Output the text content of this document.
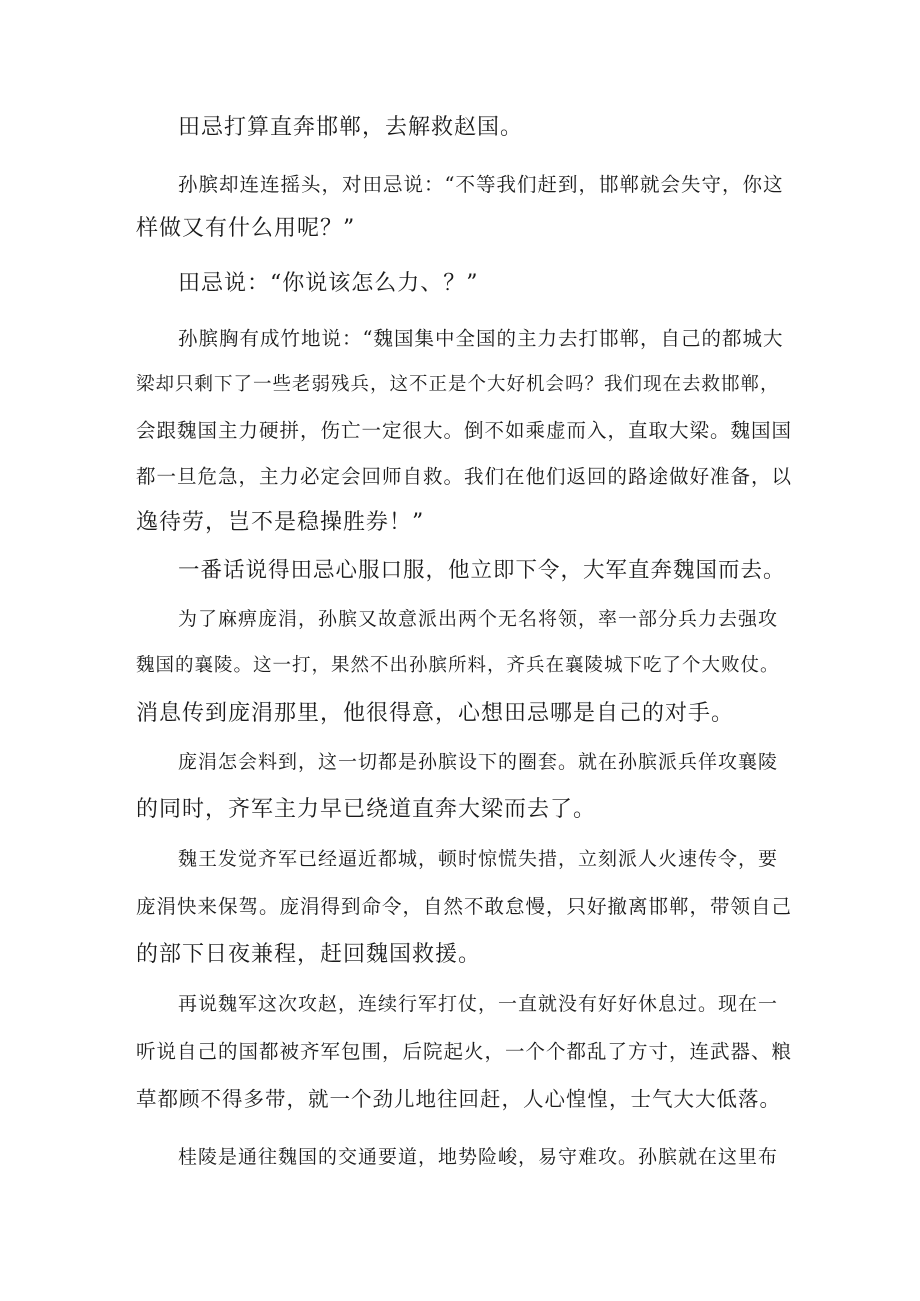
田忌打算直奔邯郸，去解救赵国。
孙膑却连连摇头，对田忌说：“不等我们赶到，邯郸就会失守，你这
样做又有什么用呢？”
田忌说：“你说该怎么力、？”
孙膑胸有成竹地说：“魏国集中全国的主力去打邯郸，自己的都城大
梁却只剩下了一些老弱残兵，这不正是个大好机会吗？我们现在去救邯郸，
会跟魏国主力硬拼，伤亡一定很大。倒不如乘虚而入，直取大梁。魏国国
都一旦危急，主力必定会回师自救。我们在他们返回的路途做好准备，以
逸待劳，岂不是稳操胜券！”
一番话说得田忌心服口服，他立即下令，大军直奔魏国而去。
为了麻痹庞涓，孙膑又故意派出两个无名将领，率一部分兵力去强攻
魏国的襄陵。这一打，果然不出孙膑所料，齐兵在襄陵城下吃了个大败仗。
消息传到庞涓那里，他很得意，心想田忌哪是自己的对手。
庞涓怎会料到，这一切都是孙膑设下的圈套。就在孙膑派兵佯攻襄陵
的同时，齐军主力早已绕道直奔大梁而去了。
魏王发觉齐军已经逼近都城，顿时惊慌失措，立刻派人火速传令，要
庞涓快来保驾。庞涓得到命令，自然不敢怠慢，只好撤离邯郸，带领自己
的部下日夜兼程，赶回魏国救援。
再说魏军这次攻赵，连续行军打仗，一直就没有好好休息过。现在一
听说自己的国都被齐军包围，后院起火，一个个都乱了方寸，连武器、粮
草都顾不得多带，就一个劲儿地往回赶，人心惶惶，士气大大低落。
桂陵是通往魏国的交通要道，地势险峻，易守难攻。孙膑就在这里布
